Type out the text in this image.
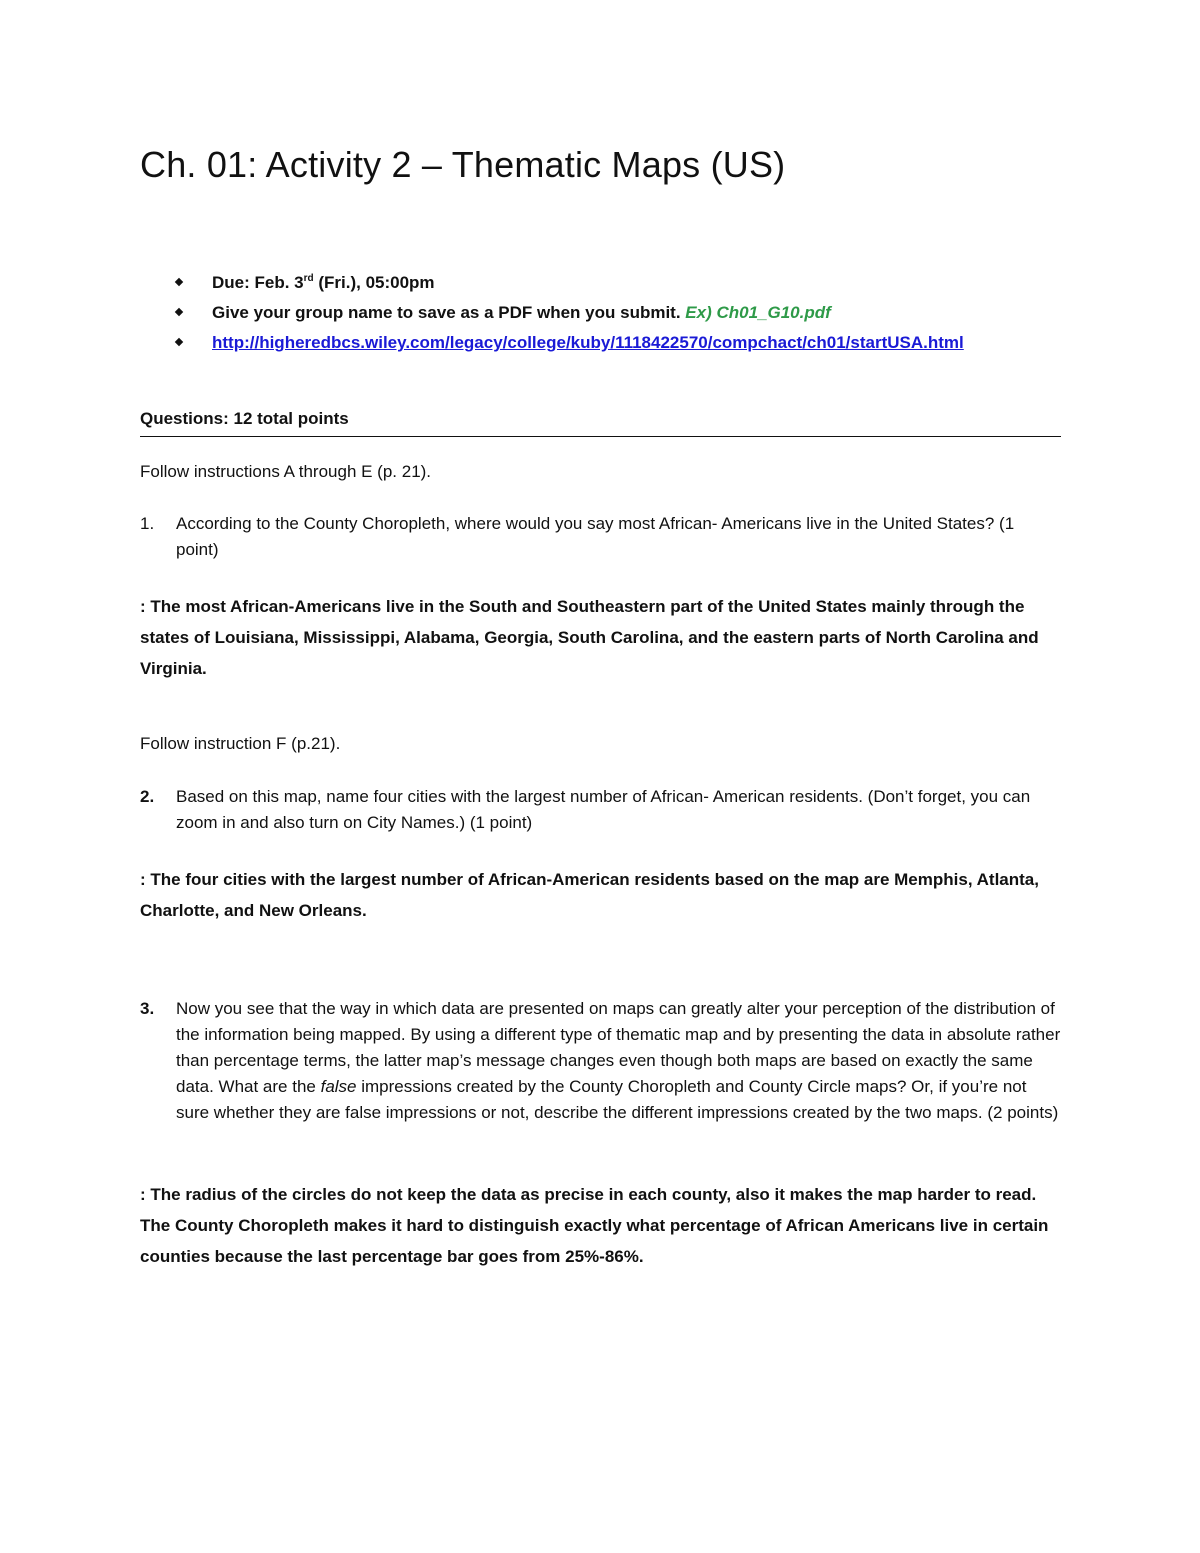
Ch. 01: Activity 2 – Thematic Maps (US)
Due: Feb. 3rd (Fri.), 05:00pm
Give your group name to save as a PDF when you submit. Ex) Ch01_G10.pdf
http://higheredbcs.wiley.com/legacy/college/kuby/1118422570/compchact/ch01/startUSA.html
Questions: 12 total points

Follow instructions A through E (p. 21).

1. According to the County Choropleth, where would you say most African- Americans live in the United States? (1 point)

: The most African-Americans live in the South and Southeastern part of the United States mainly through the states of Louisiana, Mississippi, Alabama, Georgia, South Carolina, and the eastern parts of North Carolina and Virginia.

Follow instruction F (p.21).

2. Based on this map, name four cities with the largest number of African- American residents. (Don’t forget, you can zoom in and also turn on City Names.) (1 point)

: The four cities with the largest number of African-American residents based on the map are Memphis, Atlanta, Charlotte, and New Orleans.

3. Now you see that the way in which data are presented on maps can greatly alter your perception of the distribution of the information being mapped. By using a different type of thematic map and by presenting the data in absolute rather than percentage terms, the latter map’s message changes even though both maps are based on exactly the same data. What are the false impressions created by the County Choropleth and County Circle maps? Or, if you’re not sure whether they are false impressions or not, describe the different impressions created by the two maps. (2 points)

: The radius of the circles do not keep the data as precise in each county, also it makes the map harder to read. The County Choropleth makes it hard to distinguish exactly what percentage of African Americans live in certain counties because the last percentage bar goes from 25%-86%.
